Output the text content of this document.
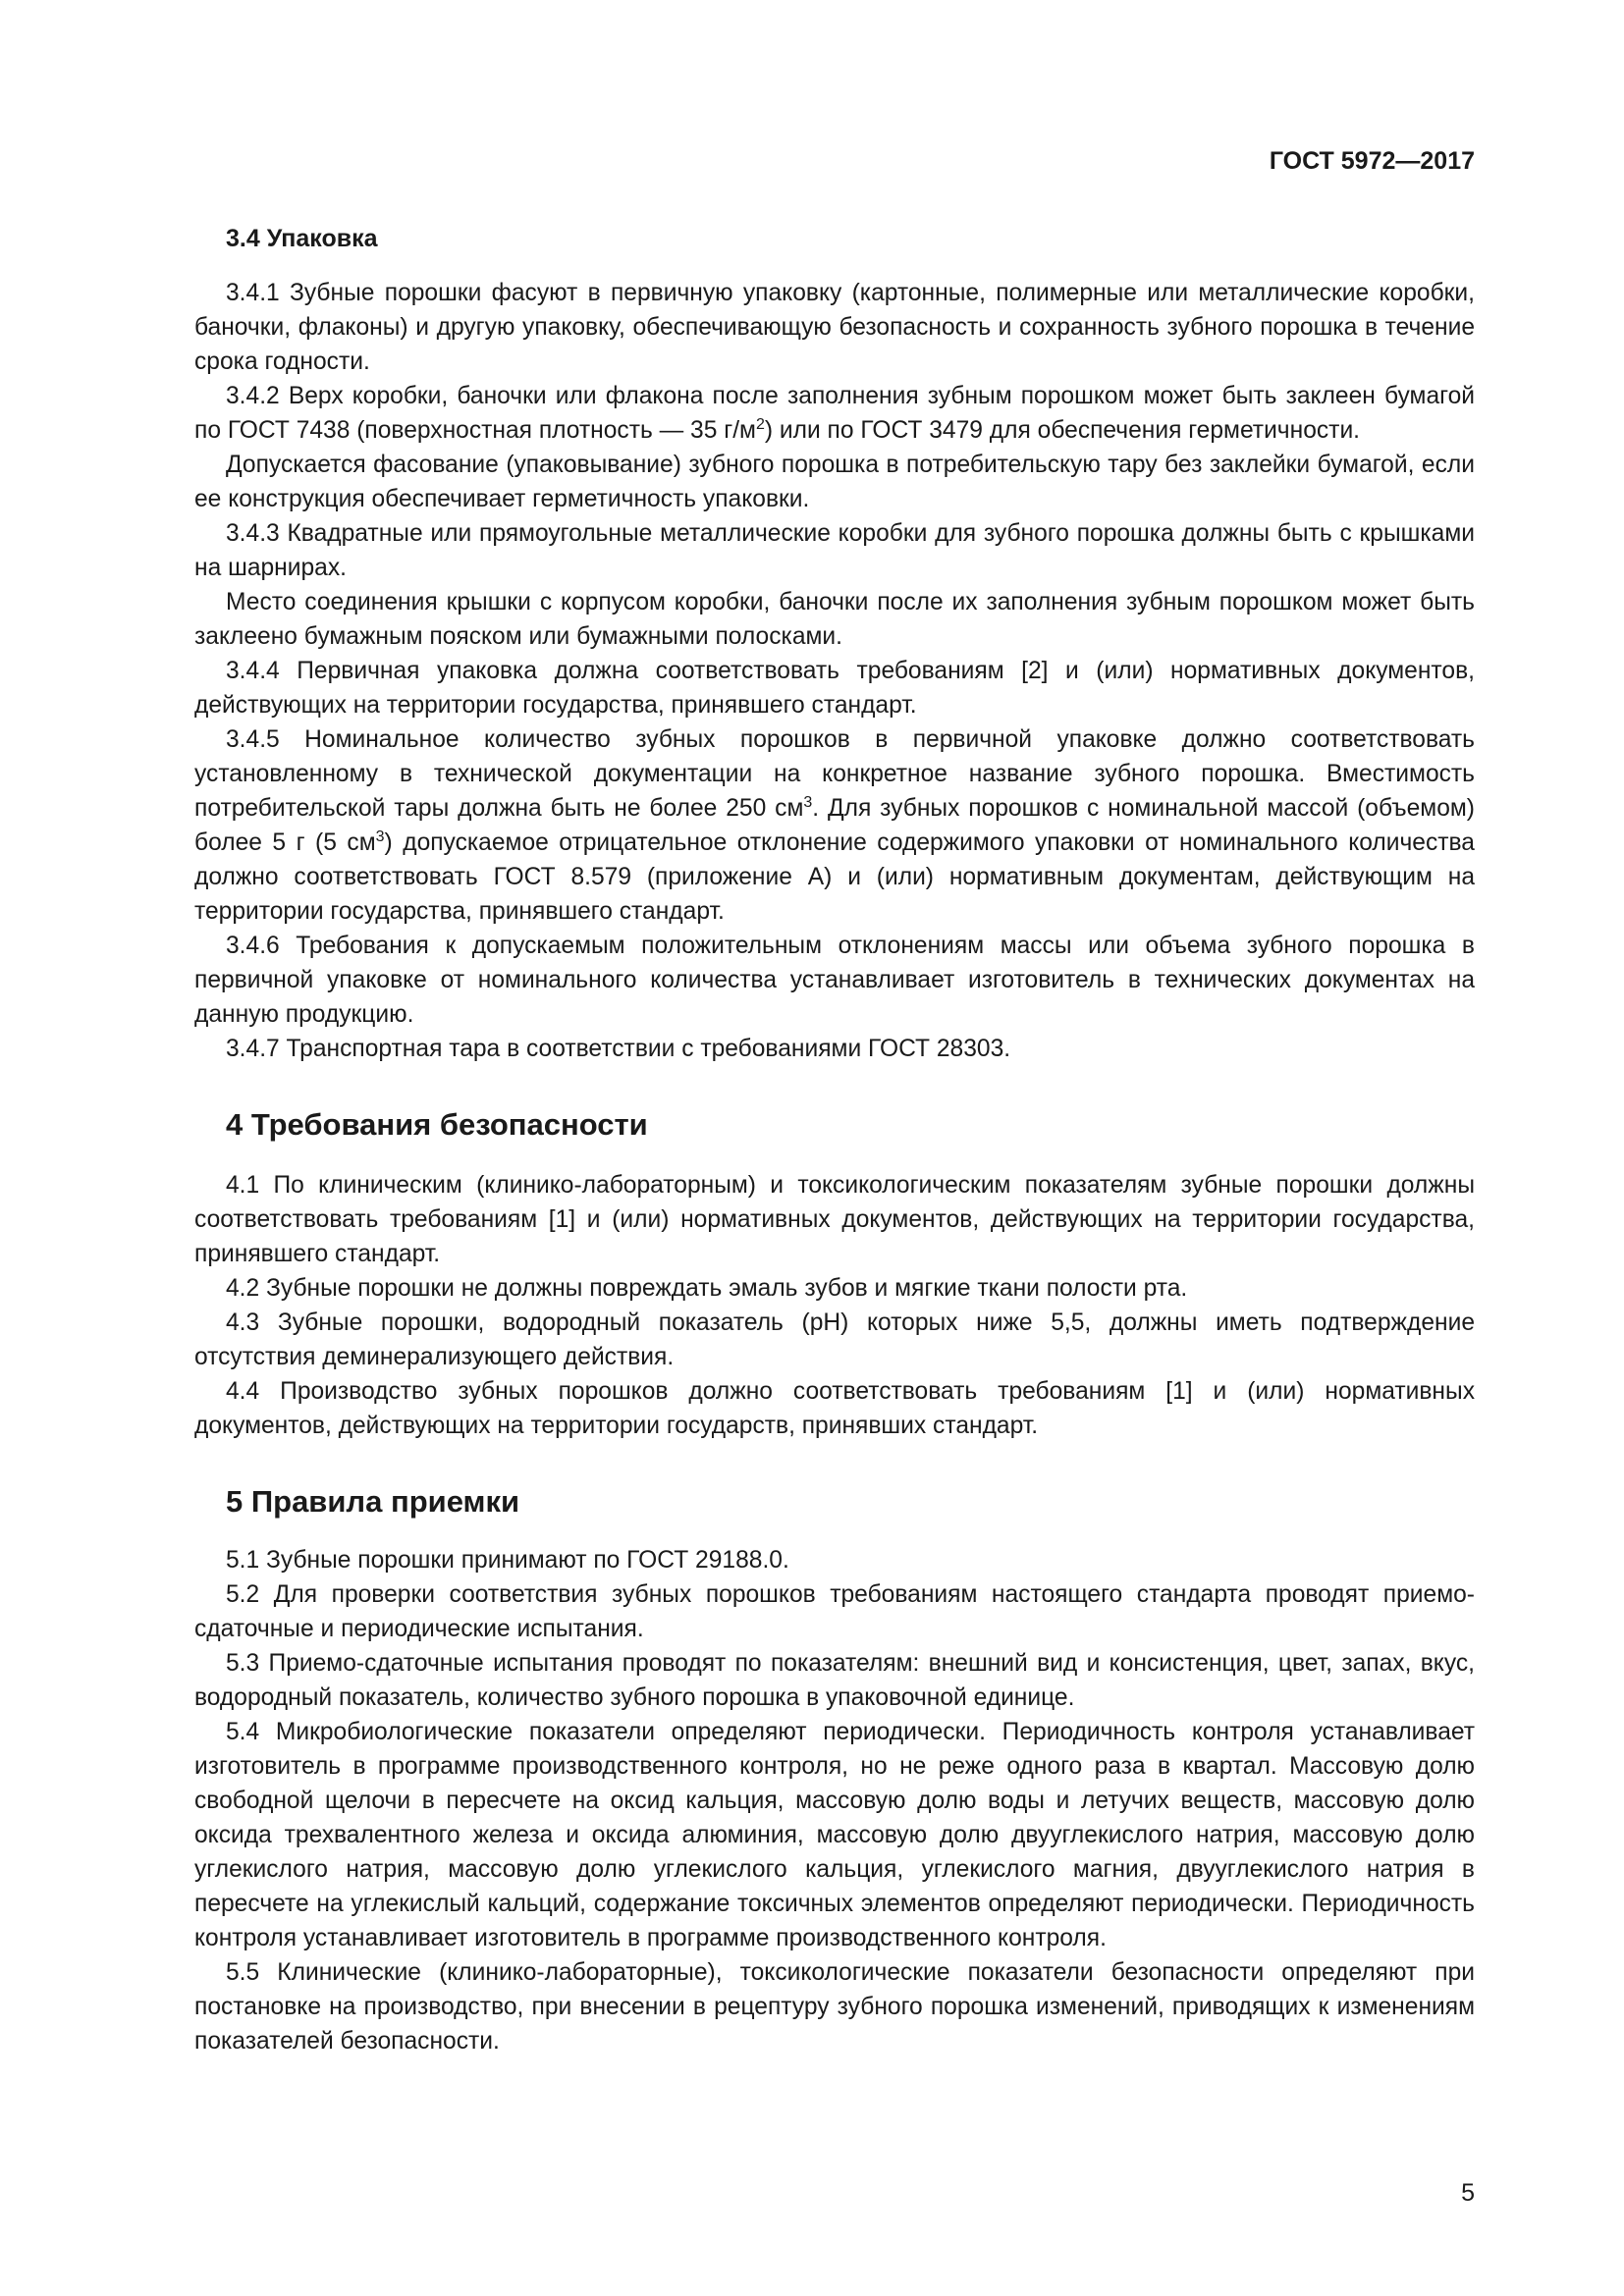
ГОСТ 5972—2017
3.4 Упаковка

3.4.1 Зубные порошки фасуют в первичную упаковку (картонные, полимерные или металлические коробки, баночки, флаконы) и другую упаковку, обеспечивающую безопасность и сохранность зубного порошка в течение срока годности.

3.4.2 Верх коробки, баночки или флакона после заполнения зубным порошком может быть заклеен бумагой по ГОСТ 7438 (поверхностная плотность — 35 $г/м^2$) или по ГОСТ 3479 для обеспечения герметичности.

Допускается фасование (упаковывание) зубного порошка в потребительскую тару без заклейки бумагой, если ее конструкция обеспечивает герметичность упаковки.

3.4.3 Квадратные или прямоугольные металлические коробки для зубного порошка должны быть с крышками на шарнирах.

Место соединения крышки с корпусом коробки, баночки после их заполнения зубным порошком может быть заклеено бумажным пояском или бумажными полосками.

3.4.4 Первичная упаковка должна соответствовать требованиям [2] и (или) нормативных документов, действующих на территории государства, принявшего стандарт.

3.4.5 Номинальное количество зубных порошков в первичной упаковке должно соответствовать установленному в технической документации на конкретное название зубного порошка. Вместимость потребительской тары должна быть не более 250 $см^3$. Для зубных порошков с номинальной массой (объемом) более 5 г (5 $см^3$) допускаемое отрицательное отклонение содержимого упаковки от номинального количества должно соответствовать ГОСТ 8.579 (приложение А) и (или) нормативным документам, действующим на территории государства, принявшего стандарт.

3.4.6 Требования к допускаемым положительным отклонениям массы или объема зубного порошка в первичной упаковке от номинального количества устанавливает изготовитель в технических документах на данную продукцию.

3.4.7 Транспортная тара в соответствии с требованиями ГОСТ 28303.

4 Требования безопасности

4.1 По клиническим (клинико-лабораторным) и токсикологическим показателям зубные порошки должны соответствовать требованиям [1] и (или) нормативных документов, действующих на территории государства, принявшего стандарт.

4.2 Зубные порошки не должны повреждать эмаль зубов и мягкие ткани полости рта.

4.3 Зубные порошки, водородный показатель (pH) которых ниже 5,5, должны иметь подтверждение отсутствия деминерализующего действия.

4.4 Производство зубных порошков должно соответствовать требованиям [1] и (или) нормативных документов, действующих на территории государств, принявших стандарт.

5 Правила приемки

5.1 Зубные порошки принимают по ГОСТ 29188.0.

5.2 Для проверки соответствия зубных порошков требованиям настоящего стандарта проводят приемо-сдаточные и периодические испытания.

5.3 Приемо-сдаточные испытания проводят по показателям: внешний вид и консистенция, цвет, запах, вкус, водородный показатель, количество зубного порошка в упаковочной единице.

5.4 Микробиологические показатели определяют периодически. Периодичность контроля устанавливает изготовитель в программе производственного контроля, но не реже одного раза в квартал. Массовую долю свободной щелочи в пересчете на оксид кальция, массовую долю воды и летучих веществ, массовую долю оксида трехвалентного железа и оксида алюминия, массовую долю двууглекислого натрия, массовую долю углекислого натрия, массовую долю углекислого кальция, углекислого магния, двууглекислого натрия в пересчете на углекислый кальций, содержание токсичных элементов определяют периодически. Периодичность контроля устанавливает изготовитель в программе производственного контроля.

5.5 Клинические (клинико-лабораторные), токсикологические показатели безопасности определяют при постановке на производство, при внесении в рецептуру зубного порошка изменений, приводящих к изменениям показателей безопасности.

5
